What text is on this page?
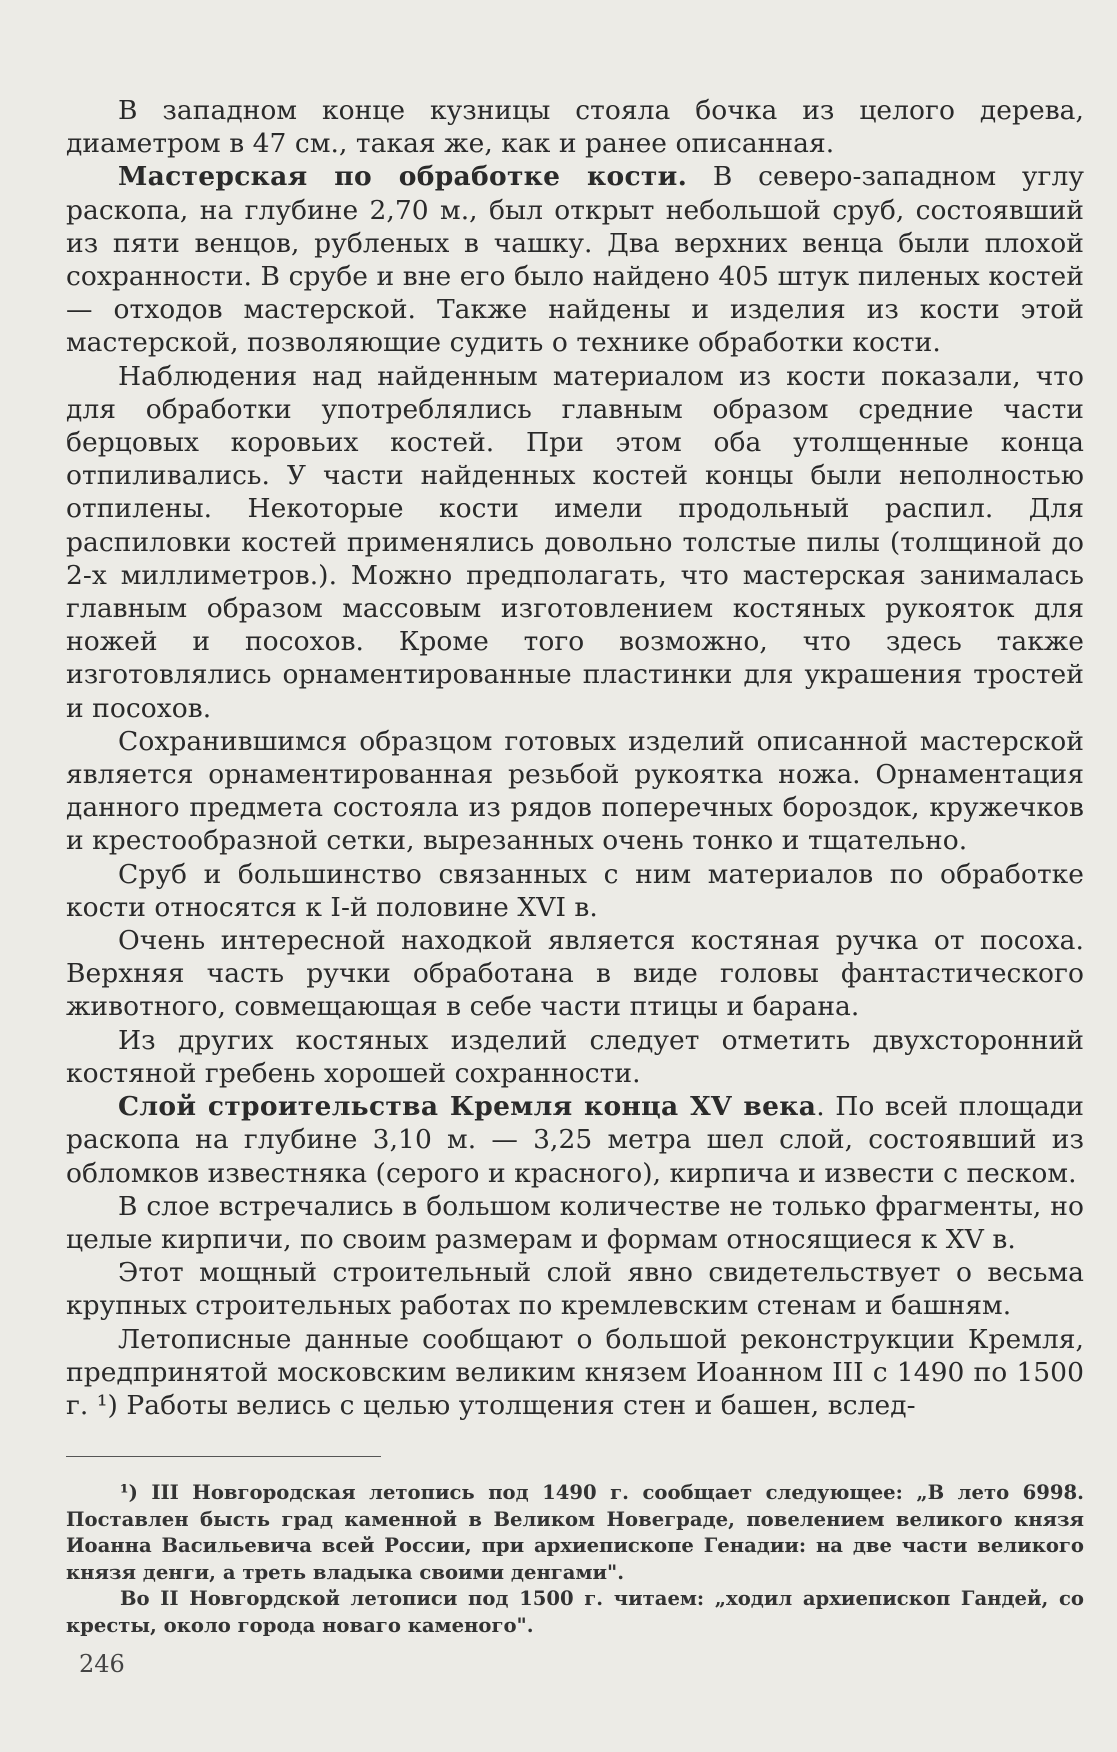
В западном конце кузницы стояла бочка из целого дерева, диаметром в 47 см., такая же, как и ранее описанная.

Мастерская по обработке кости. В северо-западном углу раскопа, на глубине 2,70 м., был открыт небольшой сруб, состоявший из пяти венцов, рубленых в чашку. Два верхних венца были плохой сохранности. В срубе и вне его было найдено 405 штук пиленых костей — отходов мастерской. Также найдены и изделия из кости этой мастерской, позволяющие судить о технике обработки кости.

Наблюдения над найденным материалом из кости показали, что для обработки употреблялись главным образом средние части берцовых коровьих костей. При этом оба утолщенные конца отпиливались. У части найденных костей концы были неполностью отпилены. Некоторые кости имели продольный распил. Для распиловки костей применялись довольно толстые пилы (толщиной до 2-х миллиметров.). Можно предполагать, что мастерская занималась главным образом массовым изготовлением костяных рукояток для ножей и посохов. Кроме того возможно, что здесь также изготовлялись орнаментированные пластинки для украшения тростей и посохов.

Сохранившимся образцом готовых изделий описанной мастерской является орнаментированная резьбой рукоятка ножа. Орнаментация данного предмета состояла из рядов поперечных бороздок, кружечков и крестообразной сетки, вырезанных очень тонко и тщательно.

Сруб и большинство связанных с ним материалов по обработке кости относятся к I-й половине XVI в.

Очень интересной находкой является костяная ручка от посоха. Верхняя часть ручки обработана в виде головы фантастического животного, совмещающая в себе части птицы и барана.

Из других костяных изделий следует отметить двухсторонний костяной гребень хорошей сохранности.

Слой строительства Кремля конца XV века. По всей площади раскопа на глубине 3,10 м. — 3,25 метра шел слой, состоявший из обломков известняка (серого и красного), кирпича и извести с песком.

В слое встречались в большом количестве не только фрагменты, но целые кирпичи, по своим размерам и формам относящиеся к XV в.

Этот мощный строительный слой явно свидетельствует о весьма крупных строительных работах по кремлевским стенам и башням.

Летописные данные сообщают о большой реконструкции Кремля, предпринятой московским великим князем Иоанном III с 1490 по 1500 г. ¹) Работы велись с целью утолщения стен и башен, вслед-

¹) III Новгородская летопись под 1490 г. сообщает следующее: „В лето 6998. Поставлен бысть град каменной в Великом Новеграде, повелением великого князя Иоанна Васильевича всей России, при архиепископе Генадии: на две части великого князя денги, а треть владыка своими денгами".

Во II Новгордской летописи под 1500 г. читаем: „ходил архиепископ Гандей, со кресты, около города новаго каменого".

246
